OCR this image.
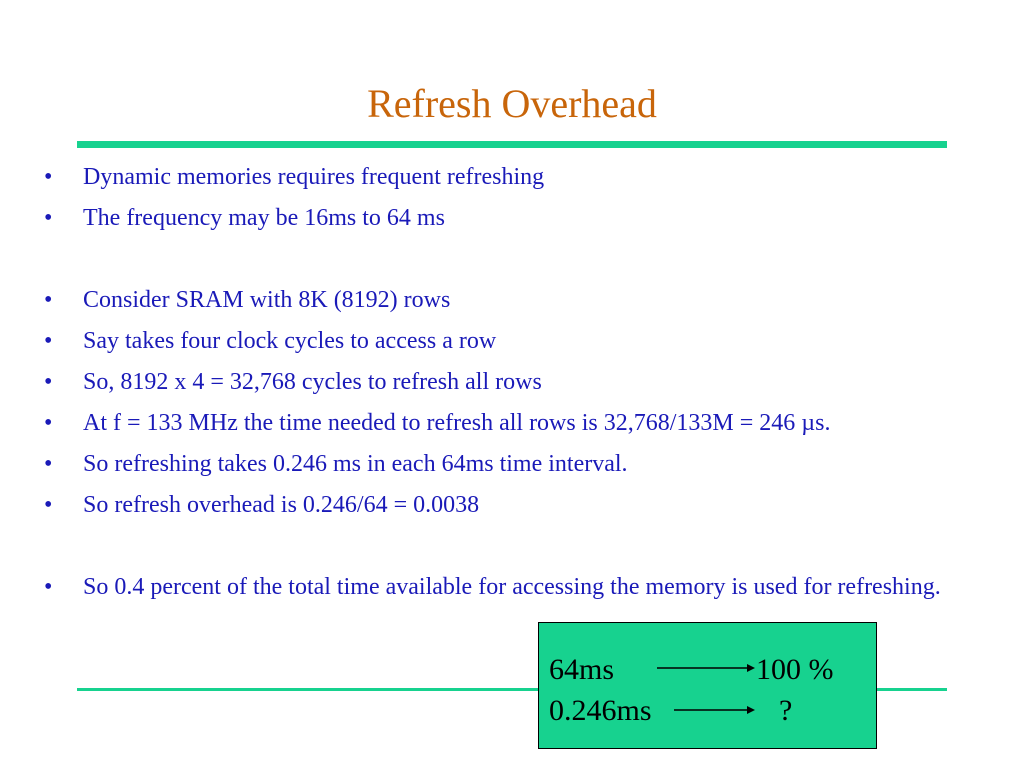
Refresh Overhead
•	Dynamic memories requires frequent refreshing
•	The frequency may be 16ms to 64 ms
•	Consider SRAM with 8K (8192) rows
•	Say takes four clock cycles to access a row
•	So, 8192 x 4 = 32,768 cycles to refresh all rows
•	At f = 133 MHz the time needed to refresh all rows is 32,768/133M = 246 µs.
•	So refreshing takes 0.246 ms in each 64ms time interval.
•	So refresh overhead is 0.246/64 = 0.0038
•	So 0.4 percent of the total time available for accessing the memory is used for refreshing.
64ms	100 %
0.246ms	?
